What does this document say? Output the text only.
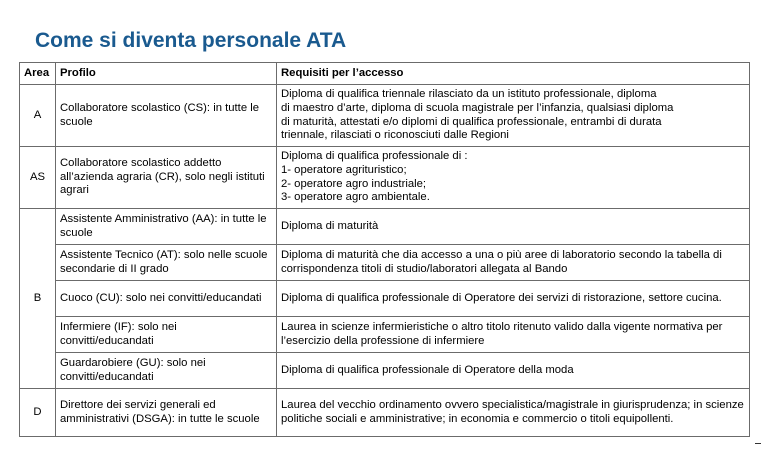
Come si diventa personale ATA
Area	Profilo	Requisiti per l’accesso
A	Collaboratore scolastico (CS): in tutte le scuole	Diploma di qualifica triennale rilasciato da un istituto professionale, diploma
di maestro d’arte, diploma di scuola magistrale per l’infanzia, qualsiasi diploma
di maturità, attestati e/o diplomi di qualifica professionale, entrambi di durata
triennale, rilasciati o riconosciuti dalle Regioni
AS	Collaboratore scolastico addetto all’azienda agraria (CR), solo negli istituti agrari	Diploma di qualifica professionale di :
1- operatore agrituristico;
2- operatore agro industriale;
3- operatore agro ambientale.
B	Assistente Amministrativo (AA): in tutte le scuole	Diploma di maturità
	Assistente Tecnico (AT): solo nelle scuole secondarie di II grado	Diploma di maturità che dia accesso a una o più aree di laboratorio secondo la tabella di corrispondenza titoli di studio/laboratori allegata al Bando
	Cuoco (CU): solo nei convitti/educandati	Diploma di qualifica professionale di Operatore dei servizi di ristorazione, settore cucina.
	Infermiere (IF): solo nei convitti/educandati	Laurea in scienze infermieristiche o altro titolo ritenuto valido dalla vigente normativa per l’esercizio della professione di infermiere
	Guardarobiere (GU): solo nei convitti/educandati	Diploma di qualifica professionale di Operatore della moda
D	Direttore dei servizi generali ed amministrativi (DSGA): in tutte le scuole	Laurea del vecchio ordinamento ovvero specialistica/magistrale in giurisprudenza; in scienze politiche sociali e amministrative; in economia e commercio o titoli equipollenti.
